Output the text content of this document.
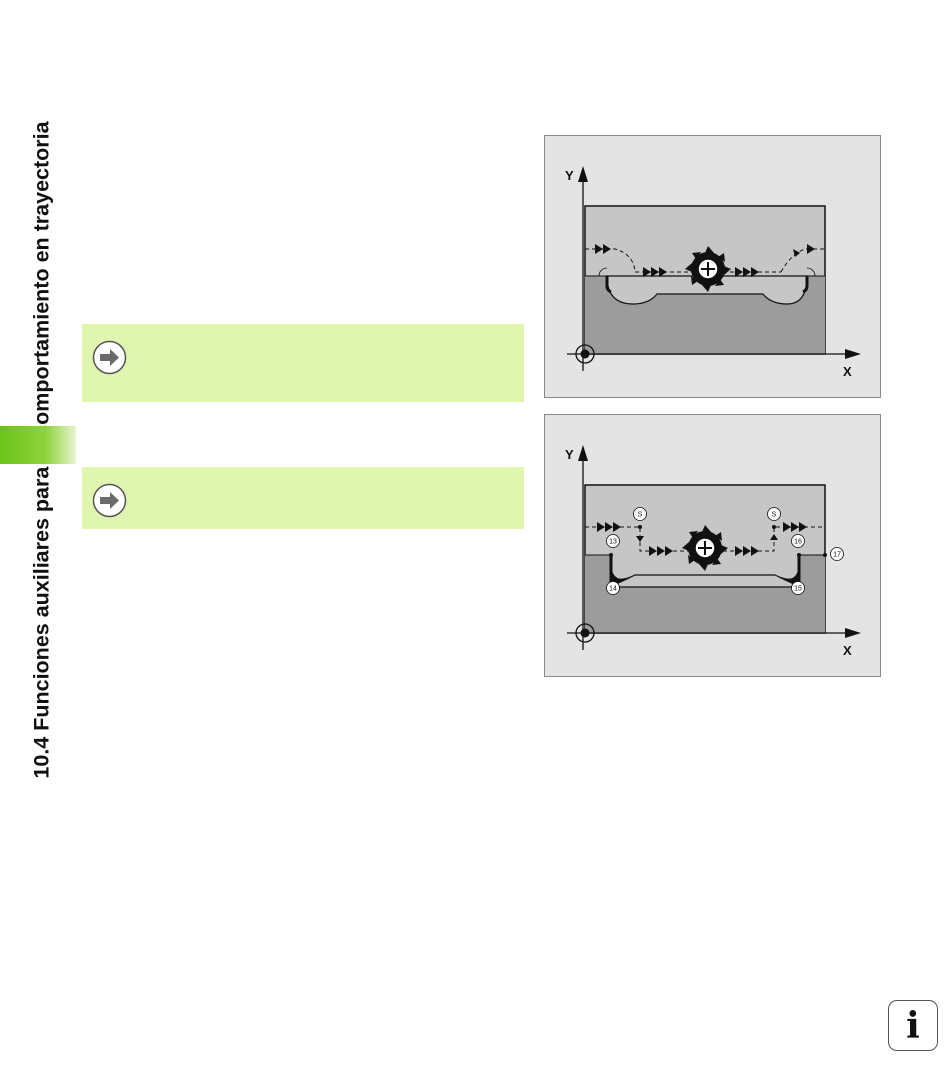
Y
X
S	S
13
14	15
16
17
Y
X
i
